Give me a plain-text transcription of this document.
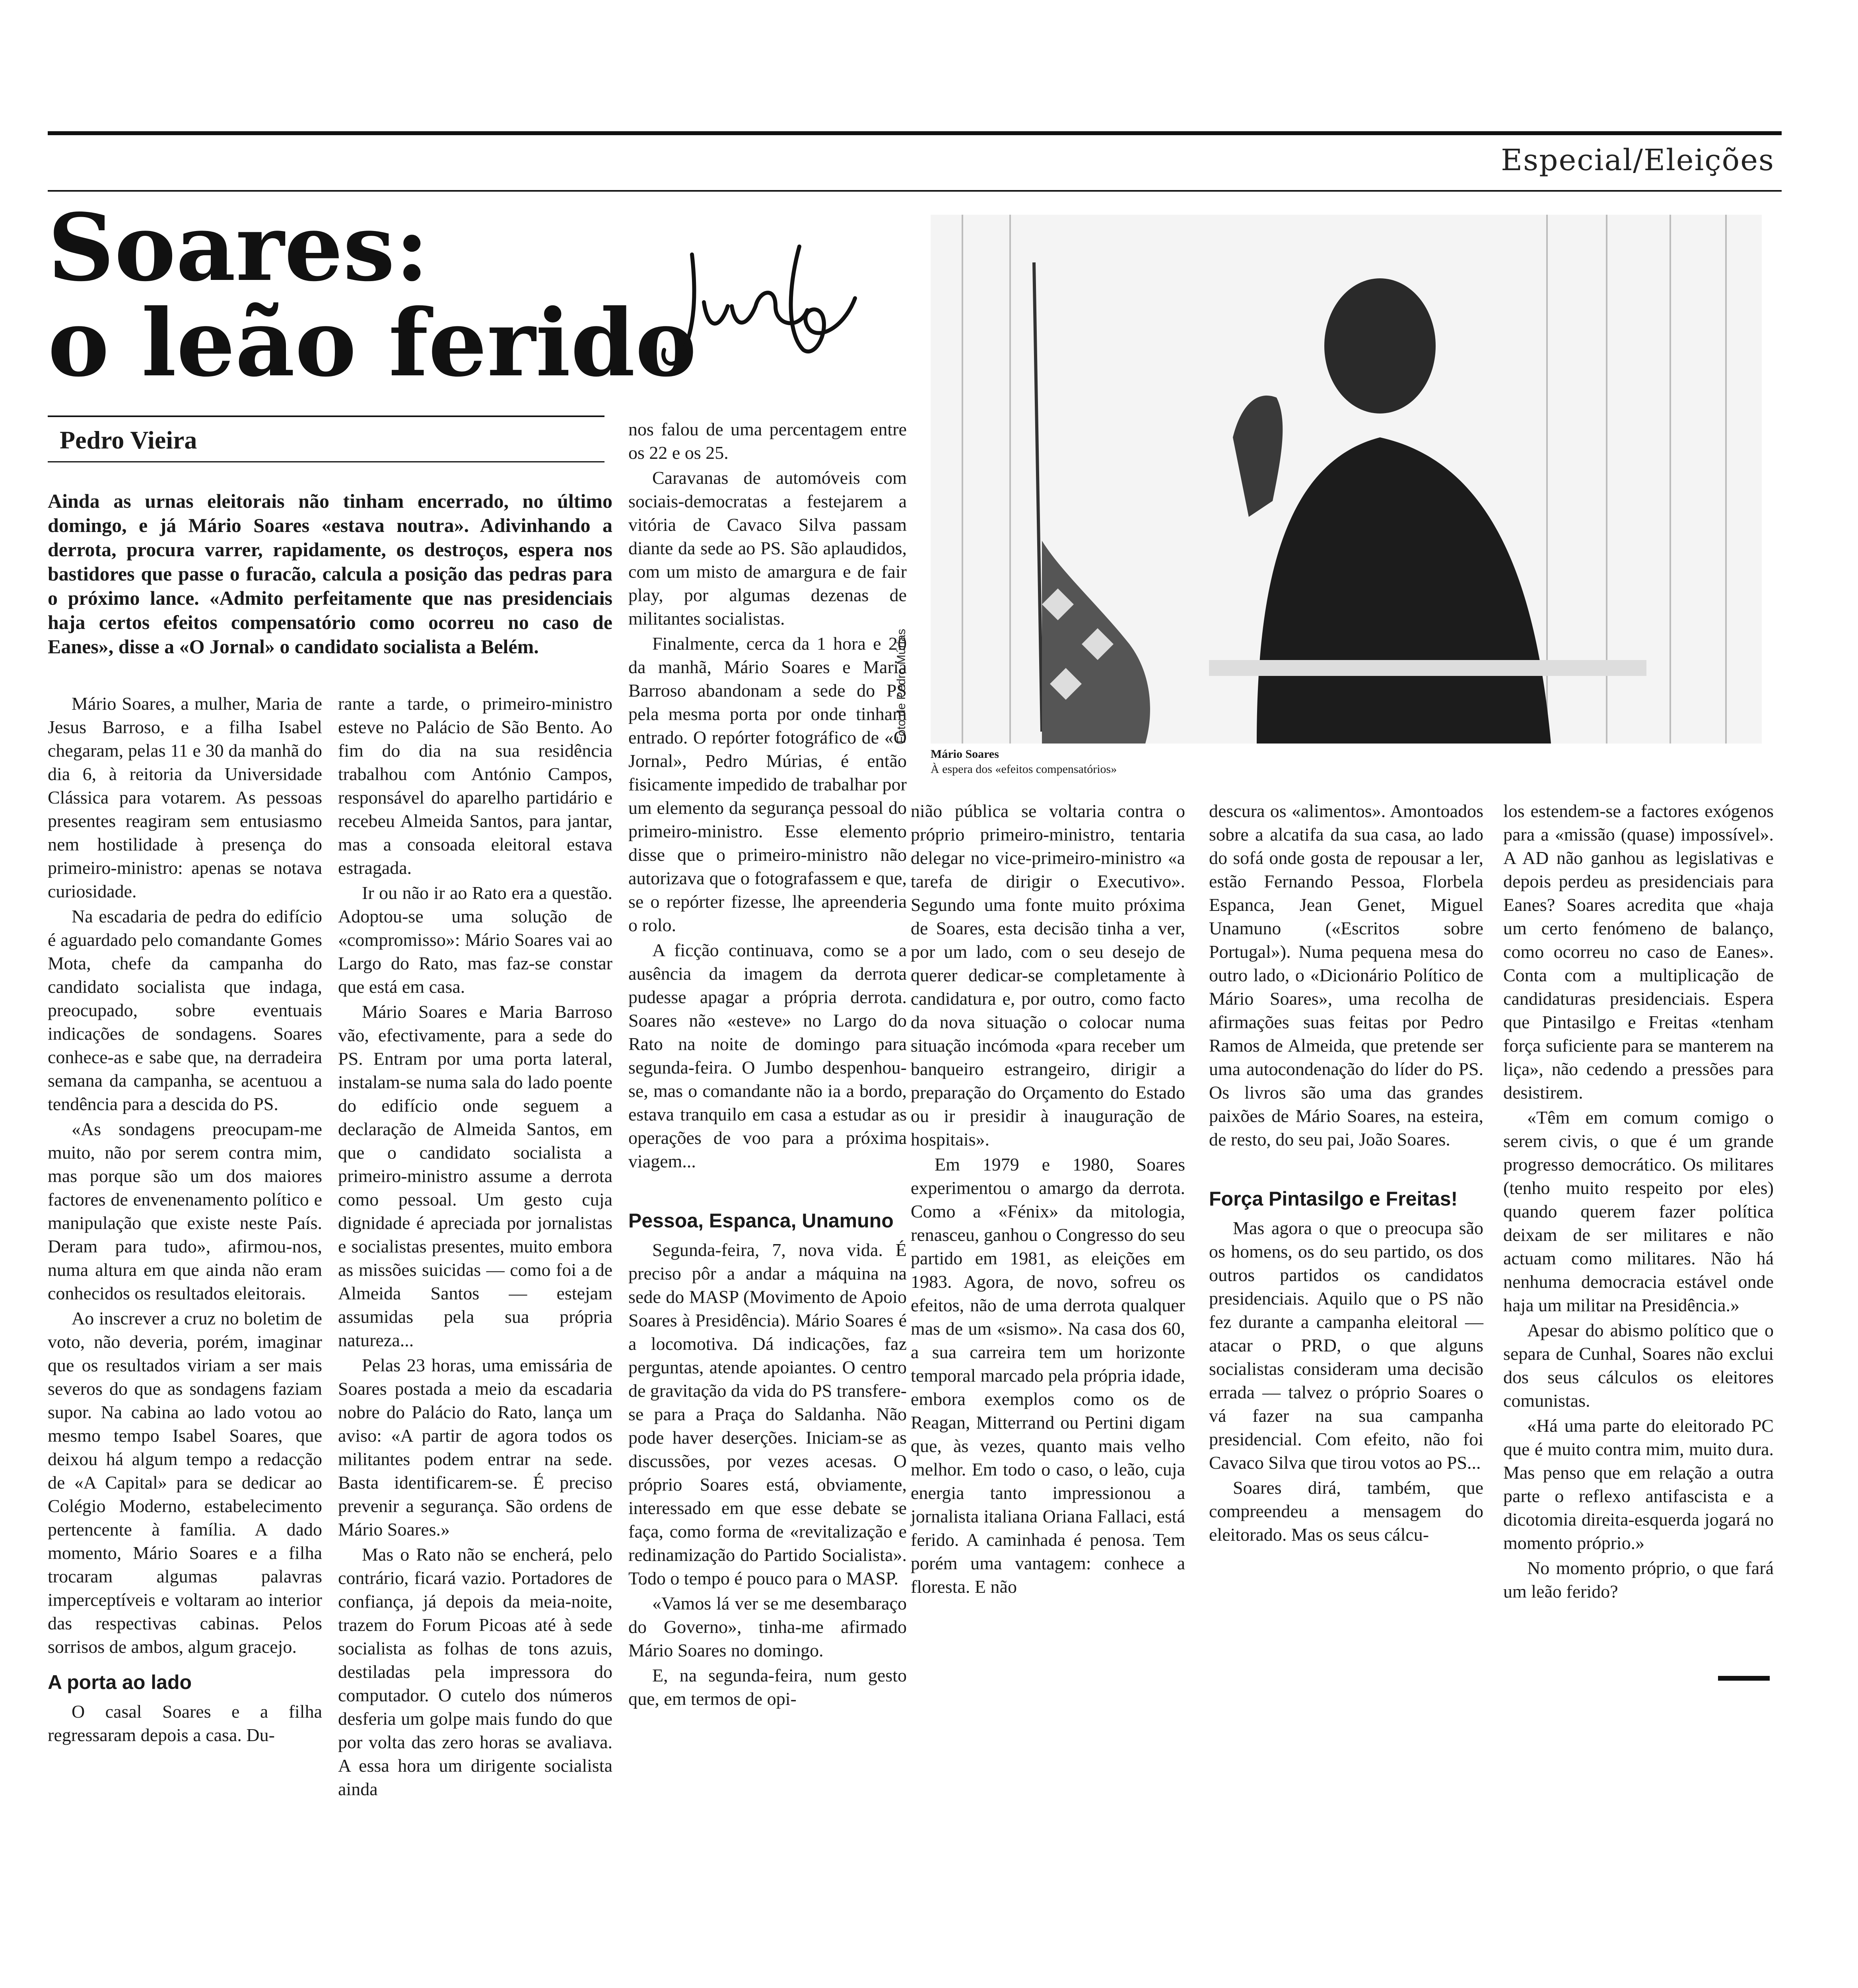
Especial/Eleições
Soares:
o leão ferido
Pedro Vieira
Ainda as urnas eleitorais não tinham encerrado, no último domingo, e já Mário Soares «estava noutra». Adivinhando a derrota, procura varrer, rapidamente, os destroços, espera nos bastidores que passe o furacão, calcula a posição das pedras para o próximo lance. «Admito perfeitamente que nas presidenciais haja certos efeitos compensatório como ocorreu no caso de Eanes», disse a «O Jornal» o candidato socialista a Belém.

Mário Soares, a mulher, Maria de Jesus Barroso, e a filha Isabel chegaram, pelas 11 e 30 da manhã do dia 6, à reitoria da Universidade Clássica para votarem. As pessoas presentes reagiram sem entusiasmo nem hostilidade à presença do primeiro-ministro: apenas se notava curiosidade.

Na escadaria de pedra do edifício é aguardado pelo comandante Gomes Mota, chefe da campanha do candidato socialista que indaga, preocupado, sobre eventuais indicações de sondagens. Soares conhece-as e sabe que, na derradeira semana da campanha, se acentuou a tendência para a descida do PS.

«As sondagens preocupam-me muito, não por serem contra mim, mas porque são um dos maiores factores de envenenamento político e manipulação que existe neste País. Deram para tudo», afirmou-nos, numa altura em que ainda não eram conhecidos os resultados eleitorais.

Ao inscrever a cruz no boletim de voto, não deveria, porém, imaginar que os resultados viriam a ser mais severos do que as sondagens faziam supor. Na cabina ao lado votou ao mesmo tempo Isabel Soares, que deixou há algum tempo a redacção de «A Capital» para se dedicar ao Colégio Moderno, estabelecimento pertencente à família. A dado momento, Mário Soares e a filha trocaram algumas palavras imperceptíveis e voltaram ao interior das respectivas cabinas. Pelos sorrisos de ambos, algum gracejo.

A porta ao lado

O casal Soares e a filha regressaram depois a casa. Du-

rante a tarde, o primeiro-ministro esteve no Palácio de São Bento. Ao fim do dia na sua residência trabalhou com António Campos, responsável do aparelho partidário e recebeu Almeida Santos, para jantar, mas a consoada eleitoral estava estragada.

Ir ou não ir ao Rato era a questão. Adoptou-se uma solução de «compromisso»: Mário Soares vai ao Largo do Rato, mas faz-se constar que está em casa.

Mário Soares e Maria Barroso vão, efectivamente, para a sede do PS. Entram por uma porta lateral, instalam-se numa sala do lado poente do edifício onde seguem a declaração de Almeida Santos, em que o candidato socialista a primeiro-ministro assume a derrota como pessoal. Um gesto cuja dignidade é apreciada por jornalistas e socialistas presentes, muito embora as missões suicidas — como foi a de Almeida Santos — estejam assumidas pela sua própria natureza...

Pelas 23 horas, uma emissária de Soares postada a meio da escadaria nobre do Palácio do Rato, lança um aviso: «A partir de agora todos os militantes podem entrar na sede. Basta identificarem-se. É preciso prevenir a segurança. São ordens de Mário Soares.»

Mas o Rato não se encherá, pelo contrário, ficará vazio. Portadores de confiança, já depois da meia-noite, trazem do Forum Picoas até à sede socialista as folhas de tons azuis, destiladas pela impressora do computador. O cutelo dos números desferia um golpe mais fundo do que por volta das zero horas se avaliava. A essa hora um dirigente socialista ainda

nos falou de uma percentagem entre os 22 e os 25.

Caravanas de automóveis com sociais-democratas a festejarem a vitória de Cavaco Silva passam diante da sede ao PS. São aplaudidos, com um misto de amargura e de fair play, por algumas dezenas de militantes socialistas.

Finalmente, cerca da 1 hora e 20 da manhã, Mário Soares e Maria Barroso abandonam a sede do PS pela mesma porta por onde tinham entrado. O repórter fotográfico de «O Jornal», Pedro Múrias, é então fisicamente impedido de trabalhar por um elemento da segurança pessoal do primeiro-ministro. Esse elemento disse que o primeiro-ministro não autorizava que o fotografassem e que, se o repórter fizesse, lhe apreenderia o rolo.

A ficção continuava, como se a ausência da imagem da derrota pudesse apagar a própria derrota. Soares não «esteve» no Largo do Rato na noite de domingo para segunda-feira. O Jumbo despenhou-se, mas o comandante não ia a bordo, estava tranquilo em casa a estudar as operações de voo para a próxima viagem...

Pessoa, Espanca, Unamuno

Segunda-feira, 7, nova vida. É preciso pôr a andar a máquina na sede do MASP (Movimento de Apoio Soares à Presidência). Mário Soares é a locomotiva. Dá indicações, faz perguntas, atende apoiantes. O centro de gravitação da vida do PS transfere-se para a Praça do Saldanha. Não pode haver deserções. Iniciam-se as discussões, por vezes acesas. O próprio Soares está, obviamente, interessado em que esse debate se faça, como forma de «revitalização e redinamização do Partido Socialista». Todo o tempo é pouco para o MASP.

«Vamos lá ver se me desembaraço do Governo», tinha-me afirmado Mário Soares no domingo.

E, na segunda-feira, num gesto que, em termos de opi-

Foto de Pedro Múrias
Mário Soares
À espera dos «efeitos compensatórios»

nião pública se voltaria contra o próprio primeiro-ministro, tentaria delegar no vice-primeiro-ministro «a tarefa de dirigir o Executivo». Segundo uma fonte muito próxima de Soares, esta decisão tinha a ver, por um lado, com o seu desejo de querer dedicar-se completamente à candidatura e, por outro, como facto da nova situação o colocar numa situação incómoda «para receber um banqueiro estrangeiro, dirigir a preparação do Orçamento do Estado ou ir presidir à inauguração de hospitais».

Em 1979 e 1980, Soares experimentou o amargo da derrota. Como a «Fénix» da mitologia, renasceu, ganhou o Congresso do seu partido em 1981, as eleições em 1983. Agora, de novo, sofreu os efeitos, não de uma derrota qualquer mas de um «sismo». Na casa dos 60, a sua carreira tem um horizonte temporal marcado pela própria idade, embora exemplos como os de Reagan, Mitterrand ou Pertini digam que, às vezes, quanto mais velho melhor. Em todo o caso, o leão, cuja energia tanto impressionou a jornalista italiana Oriana Fallaci, está ferido. A caminhada é penosa. Tem porém uma vantagem: conhece a floresta. E não

descura os «alimentos». Amontoados sobre a alcatifa da sua casa, ao lado do sofá onde gosta de repousar a ler, estão Fernando Pessoa, Florbela Espanca, Jean Genet, Miguel Unamuno («Escritos sobre Portugal»). Numa pequena mesa do outro lado, o «Dicionário Político de Mário Soares», uma recolha de afirmações suas feitas por Pedro Ramos de Almeida, que pretende ser uma autocondenação do líder do PS. Os livros são uma das grandes paixões de Mário Soares, na esteira, de resto, do seu pai, João Soares.

Força Pintasilgo e Freitas!

Mas agora o que o preocupa são os homens, os do seu partido, os dos outros partidos os candidatos presidenciais. Aquilo que o PS não fez durante a campanha eleitoral — atacar o PRD, o que alguns socialistas consideram uma decisão errada — talvez o próprio Soares o vá fazer na sua campanha presidencial. Com efeito, não foi Cavaco Silva que tirou votos ao PS...

Soares dirá, também, que compreendeu a mensagem do eleitorado. Mas os seus cálcu-

los estendem-se a factores exógenos para a «missão (quase) impossível». A AD não ganhou as legislativas e depois perdeu as presidenciais para Eanes? Soares acredita que «haja um certo fenómeno de balanço, como ocorreu no caso de Eanes». Conta com a multiplicação de candidaturas presidenciais. Espera que Pintasilgo e Freitas «tenham força suficiente para se manterem na liça», não cedendo a pressões para desistirem.

«Têm em comum comigo o serem civis, o que é um grande progresso democrático. Os militares (tenho muito respeito por eles) quando querem fazer política deixam de ser militares e não actuam como militares. Não há nenhuma democracia estável onde haja um militar na Presidência.»

Apesar do abismo político que o separa de Cunhal, Soares não exclui dos seus cálculos os eleitores comunistas.

«Há uma parte do eleitorado PC que é muito contra mim, muito dura. Mas penso que em relação a outra parte o reflexo antifascista e a dicotomia direita-esquerda jogará no momento próprio.»

No momento próprio, o que fará um leão ferido?
